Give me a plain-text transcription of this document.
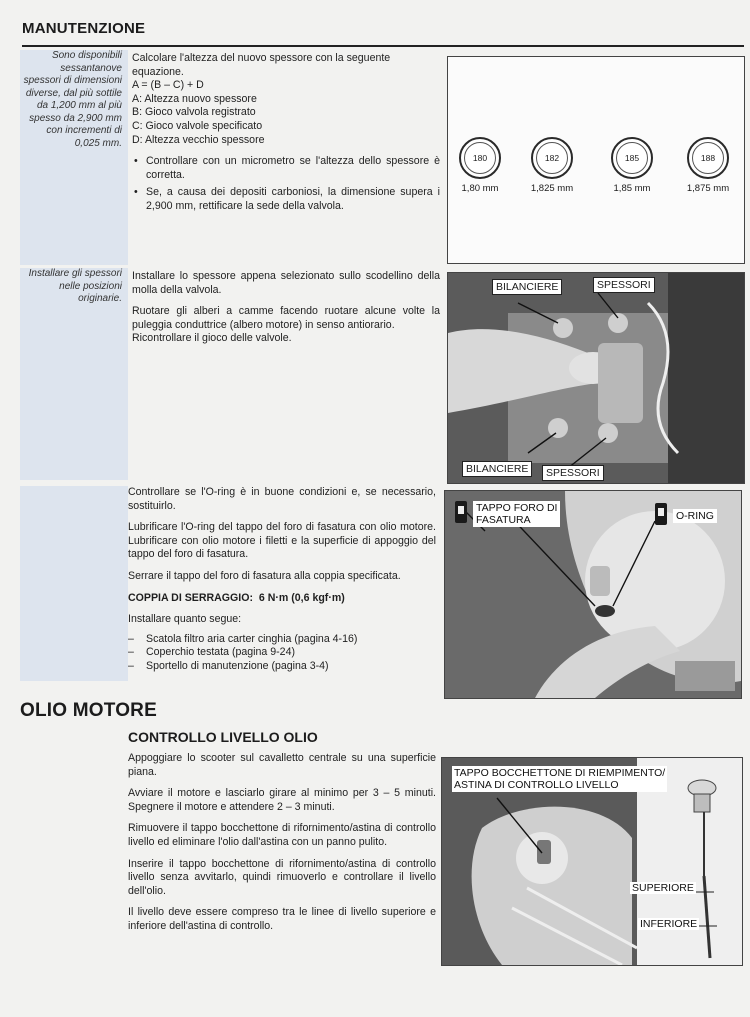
MANUTENZIONE
Sono disponibili sessantanove spessori di dimensioni diverse, dal più sottile da 1,200 mm al più spesso da 2,900 mm con incrementi di 0,025 mm.
Calcolare l'altezza del nuovo spessore con la seguente equazione.
A = (B – C) + D
A: Altezza nuovo spessore
B: Gioco valvola registrato
C: Gioco valvole specificato
D: Altezza vecchio spessore
• Controllare con un micrometro se l'altezza dello spessore è corretta.
• Se, a causa dei depositi carboniosi, la dimensione supera i 2,900 mm, rettificare la sede della valvola.
180
1,80 mm
182
1,825 mm
185
1,85 mm
188
1,875 mm
Installare gli spessori nelle posizioni originarie.

Installare lo spessore appena selezionato sullo scodellino della molla della valvola.

Ruotare gli alberi a camme facendo ruotare alcune volte la puleggia conduttrice (albero motore) in senso antiorario.

Ricontrollare il gioco delle valvole.

BILANCIERE	SPESSORI
BILANCIERE	SPESSORI

Controllare se l'O-ring è in buone condizioni e, se necessario, sostituirlo.

Lubrificare l'O-ring del tappo del foro di fasatura con olio motore. Lubrificare con olio motore i filetti e la superficie di appoggio del tappo del foro di fasatura.

Serrare il tappo del foro di fasatura alla coppia specificata.

COPPIA DI SERRAGGIO: 6 N·m (0,6 kgf·m)

Installare quanto segue:
– Scatola filtro aria carter cinghia (pagina 4-16)
– Coperchio testata (pagina 9-24)
– Sportello di manutenzione (pagina 3-4)
TAPPO FORO DI
FASATURA	O-RING
OLIO MOTORE
CONTROLLO LIVELLO OLIO

Appoggiare lo scooter sul cavalletto centrale su una superficie piana.

Avviare il motore e lasciarlo girare al minimo per 3 – 5 minuti. Spegnere il motore e attendere 2 – 3 minuti.

Rimuovere il tappo bocchettone di rifornimento/astina di controllo livello ed eliminare l'olio dall'astina con un panno pulito.

Inserire il tappo bocchettone di rifornimento/astina di controllo livello senza avvitarlo, quindi rimuoverlo e controllare il livello dell'olio.

Il livello deve essere compreso tra le linee di livello superiore e inferiore dell'astina di controllo.

TAPPO BOCCHETTONE DI RIEMPIMENTO/
ASTINA DI CONTROLLO LIVELLO
SUPERIORE
INFERIORE
